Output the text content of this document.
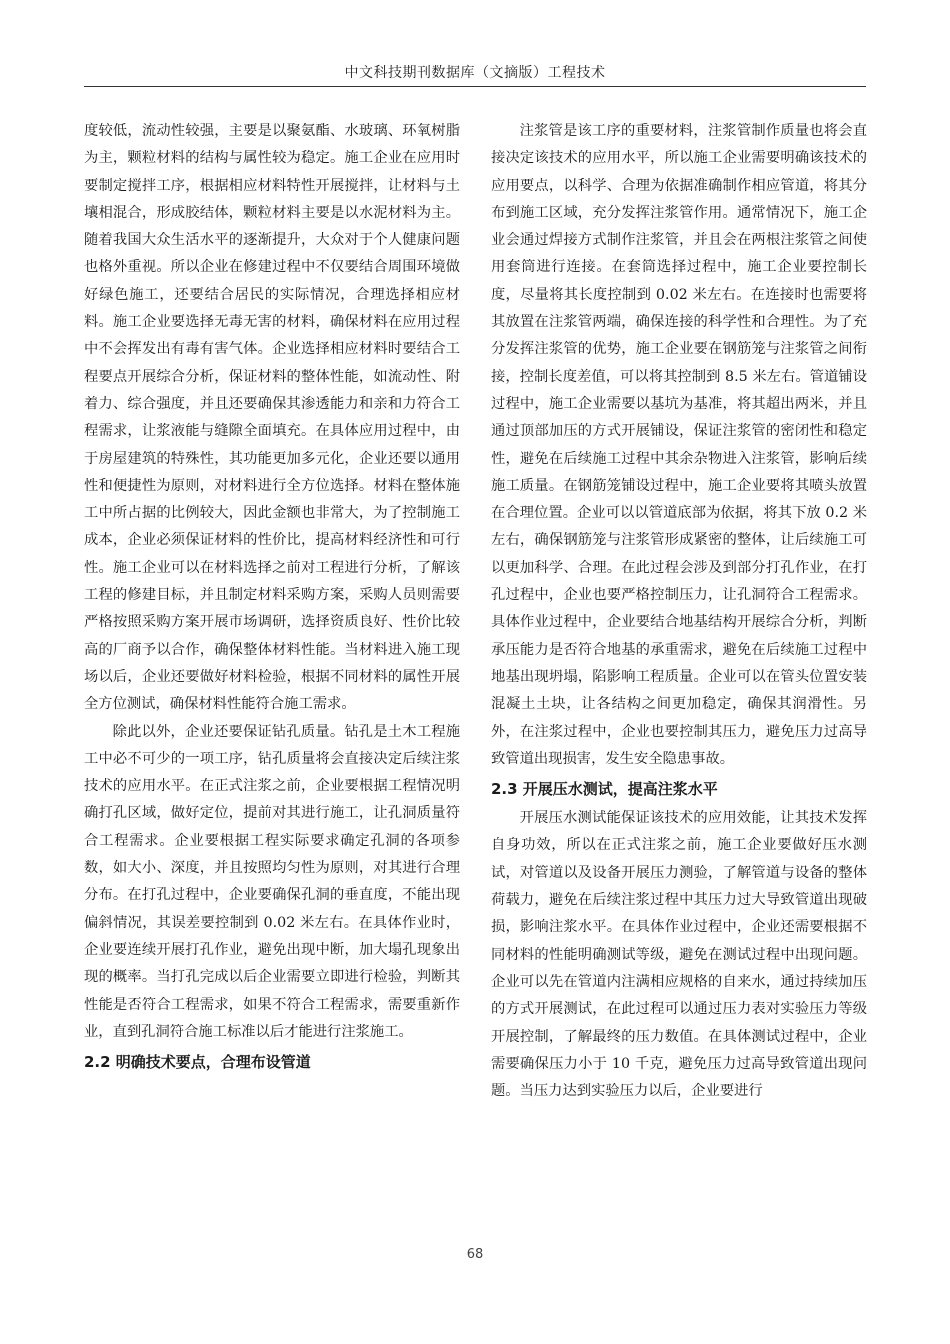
中文科技期刊数据库（文摘版）工程技术

度较低，流动性较强，主要是以聚氨酯、水玻璃、环氧树脂为主，颗粒材料的结构与属性较为稳定。施工企业在应用时要制定搅拌工序，根据相应材料特性开展搅拌，让材料与土壤相混合，形成胶结体，颗粒材料主要是以水泥材料为主。随着我国大众生活水平的逐渐提升，大众对于个人健康问题也格外重视。所以企业在修建过程中不仅要结合周围环境做好绿色施工，还要结合居民的实际情况，合理选择相应材料。施工企业要选择无毒无害的材料，确保材料在应用过程中不会挥发出有毒有害气体。企业选择相应材料时要结合工程要点开展综合分析，保证材料的整体性能，如流动性、附着力、综合强度，并且还要确保其渗透能力和亲和力符合工程需求，让浆液能与缝隙全面填充。在具体应用过程中，由于房屋建筑的特殊性，其功能更加多元化，企业还要以通用性和便捷性为原则，对材料进行全方位选择。材料在整体施工中所占据的比例较大，因此金额也非常大，为了控制施工成本，企业必须保证材料的性价比，提高材料经济性和可行性。施工企业可以在材料选择之前对工程进行分析，了解该工程的修建目标，并且制定材料采购方案，采购人员则需要严格按照采购方案开展市场调研，选择资质良好、性价比较高的厂商予以合作，确保整体材料性能。当材料进入施工现场以后，企业还要做好材料检验，根据不同材料的属性开展全方位测试，确保材料性能符合施工需求。

除此以外，企业还要保证钻孔质量。钻孔是土木工程施工中必不可少的一项工序，钻孔质量将会直接决定后续注浆技术的应用水平。在正式注浆之前，企业要根据工程情况明确打孔区域，做好定位，提前对其进行施工，让孔洞质量符合工程需求。企业要根据工程实际要求确定孔洞的各项参数，如大小、深度，并且按照均匀性为原则，对其进行合理分布。在打孔过程中，企业要确保孔洞的垂直度，不能出现偏斜情况，其误差要控制到 0.02 米左右。在具体作业时，企业要连续开展打孔作业，避免出现中断，加大塌孔现象出现的概率。当打孔完成以后企业需要立即进行检验，判断其性能是否符合工程需求，如果不符合工程需求，需要重新作业，直到孔洞符合施工标准以后才能进行注浆施工。

2.2 明确技术要点，合理布设管道

注浆管是该工序的重要材料，注浆管制作质量也将会直接决定该技术的应用水平，所以施工企业需要明确该技术的应用要点，以科学、合理为依据准确制作相应管道，将其分布到施工区域，充分发挥注浆管作用。通常情况下，施工企业会通过焊接方式制作注浆管，并且会在两根注浆管之间使用套筒进行连接。在套筒选择过程中，施工企业要控制长度，尽量将其长度控制到 0.02 米左右。在连接时也需要将其放置在注浆管两端，确保连接的科学性和合理性。为了充分发挥注浆管的优势，施工企业要在钢筋笼与注浆管之间衔接，控制长度差值，可以将其控制到 8.5 米左右。管道铺设过程中，施工企业需要以基坑为基准，将其超出两米，并且通过顶部加压的方式开展铺设，保证注浆管的密闭性和稳定性，避免在后续施工过程中其余杂物进入注浆管，影响后续施工质量。在钢筋笼铺设过程中，施工企业要将其喷头放置在合理位置。企业可以以管道底部为依据，将其下放 0.2 米左右，确保钢筋笼与注浆管形成紧密的整体，让后续施工可以更加科学、合理。在此过程会涉及到部分打孔作业，在打孔过程中，企业也要严格控制压力，让孔洞符合工程需求。具体作业过程中，企业要结合地基结构开展综合分析，判断承压能力是否符合地基的承重需求，避免在后续施工过程中地基出现坍塌，陷影响工程质量。企业可以在管头位置安装混凝土土块，让各结构之间更加稳定，确保其润滑性。另外，在注浆过程中，企业也要控制其压力，避免压力过高导致管道出现损害，发生安全隐患事故。

2.3 开展压水测试，提高注浆水平

开展压水测试能保证该技术的应用效能，让其技术发挥自身功效，所以在正式注浆之前，施工企业要做好压水测试，对管道以及设备开展压力测验，了解管道与设备的整体荷载力，避免在后续注浆过程中其压力过大导致管道出现破损，影响注浆水平。在具体作业过程中，企业还需要根据不同材料的性能明确测试等级，避免在测试过程中出现问题。企业可以先在管道内注满相应规格的自来水，通过持续加压的方式开展测试，在此过程可以通过压力表对实验压力等级开展控制，了解最终的压力数值。在具体测试过程中，企业需要确保压力小于 10 千克，避免压力过高导致管道出现问题。当压力达到实验压力以后，企业要进行

68
